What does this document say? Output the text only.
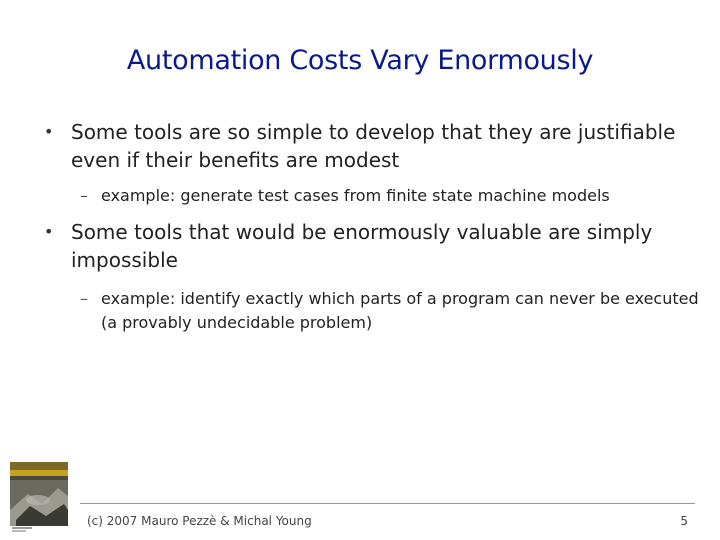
Automation Costs Vary Enormously
• Some tools are so simple to develop that they are justifiable even if their benefits are modest
– example: generate test cases from finite state machine models
• Some tools that would be enormously valuable are simply impossible
– example: identify exactly which parts of a program can never be executed (a provably undecidable problem)
(c) 2007 Mauro Pezzè & Michal Young	5
